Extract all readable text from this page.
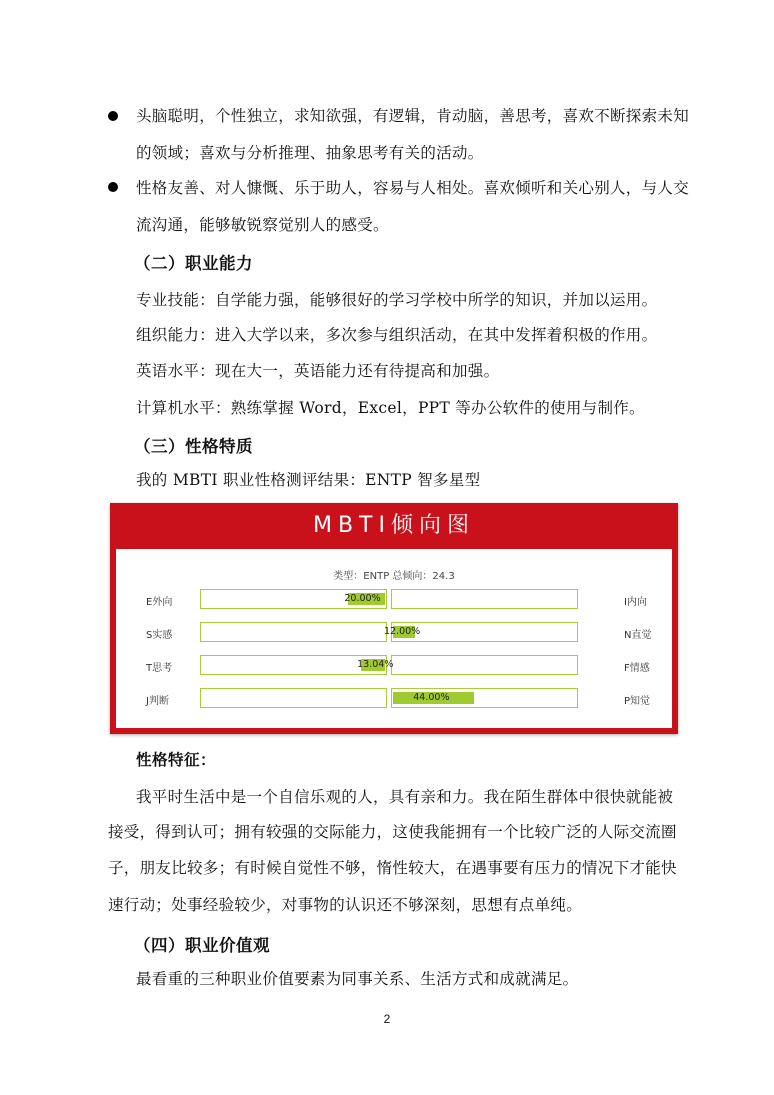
头脑聪明，个性独立，求知欲强，有逻辑，肯动脑，善思考，喜欢不断探索未知
的领域；喜欢与分析推理、抽象思考有关的活动。
性格友善、对人慷慨、乐于助人，容易与人相处。喜欢倾听和关心别人，与人交
流沟通，能够敏锐察觉别人的感受。
（二）职业能力
专业技能：自学能力强，能够很好的学习学校中所学的知识，并加以运用。
组织能力：进入大学以来，多次参与组织活动，在其中发挥着积极的作用。
英语水平：现在大一，英语能力还有待提高和加强。
计算机水平：熟练掌握 Word，Excel，PPT 等办公软件的使用与制作。
（三）性格特质
我的 MBTI 职业性格测评结果：ENTP 智多星型
MBTI倾向图
类型：ENTP 总倾向：24.3
E外向	I内向
20.00%
S实感	N直觉
12.00%
T思考	F情感
13.04%
J判断	P知觉
44.00%
性格特征：
我平时生活中是一个自信乐观的人，具有亲和力。我在陌生群体中很快就能被
接受，得到认可；拥有较强的交际能力，这使我能拥有一个比较广泛的人际交流圈
子，朋友比较多；有时候自觉性不够，惰性较大，在遇事要有压力的情况下才能快
速行动；处事经验较少，对事物的认识还不够深刻，思想有点单纯。
（四）职业价值观
最看重的三种职业价值要素为同事关系、生活方式和成就满足。
2
